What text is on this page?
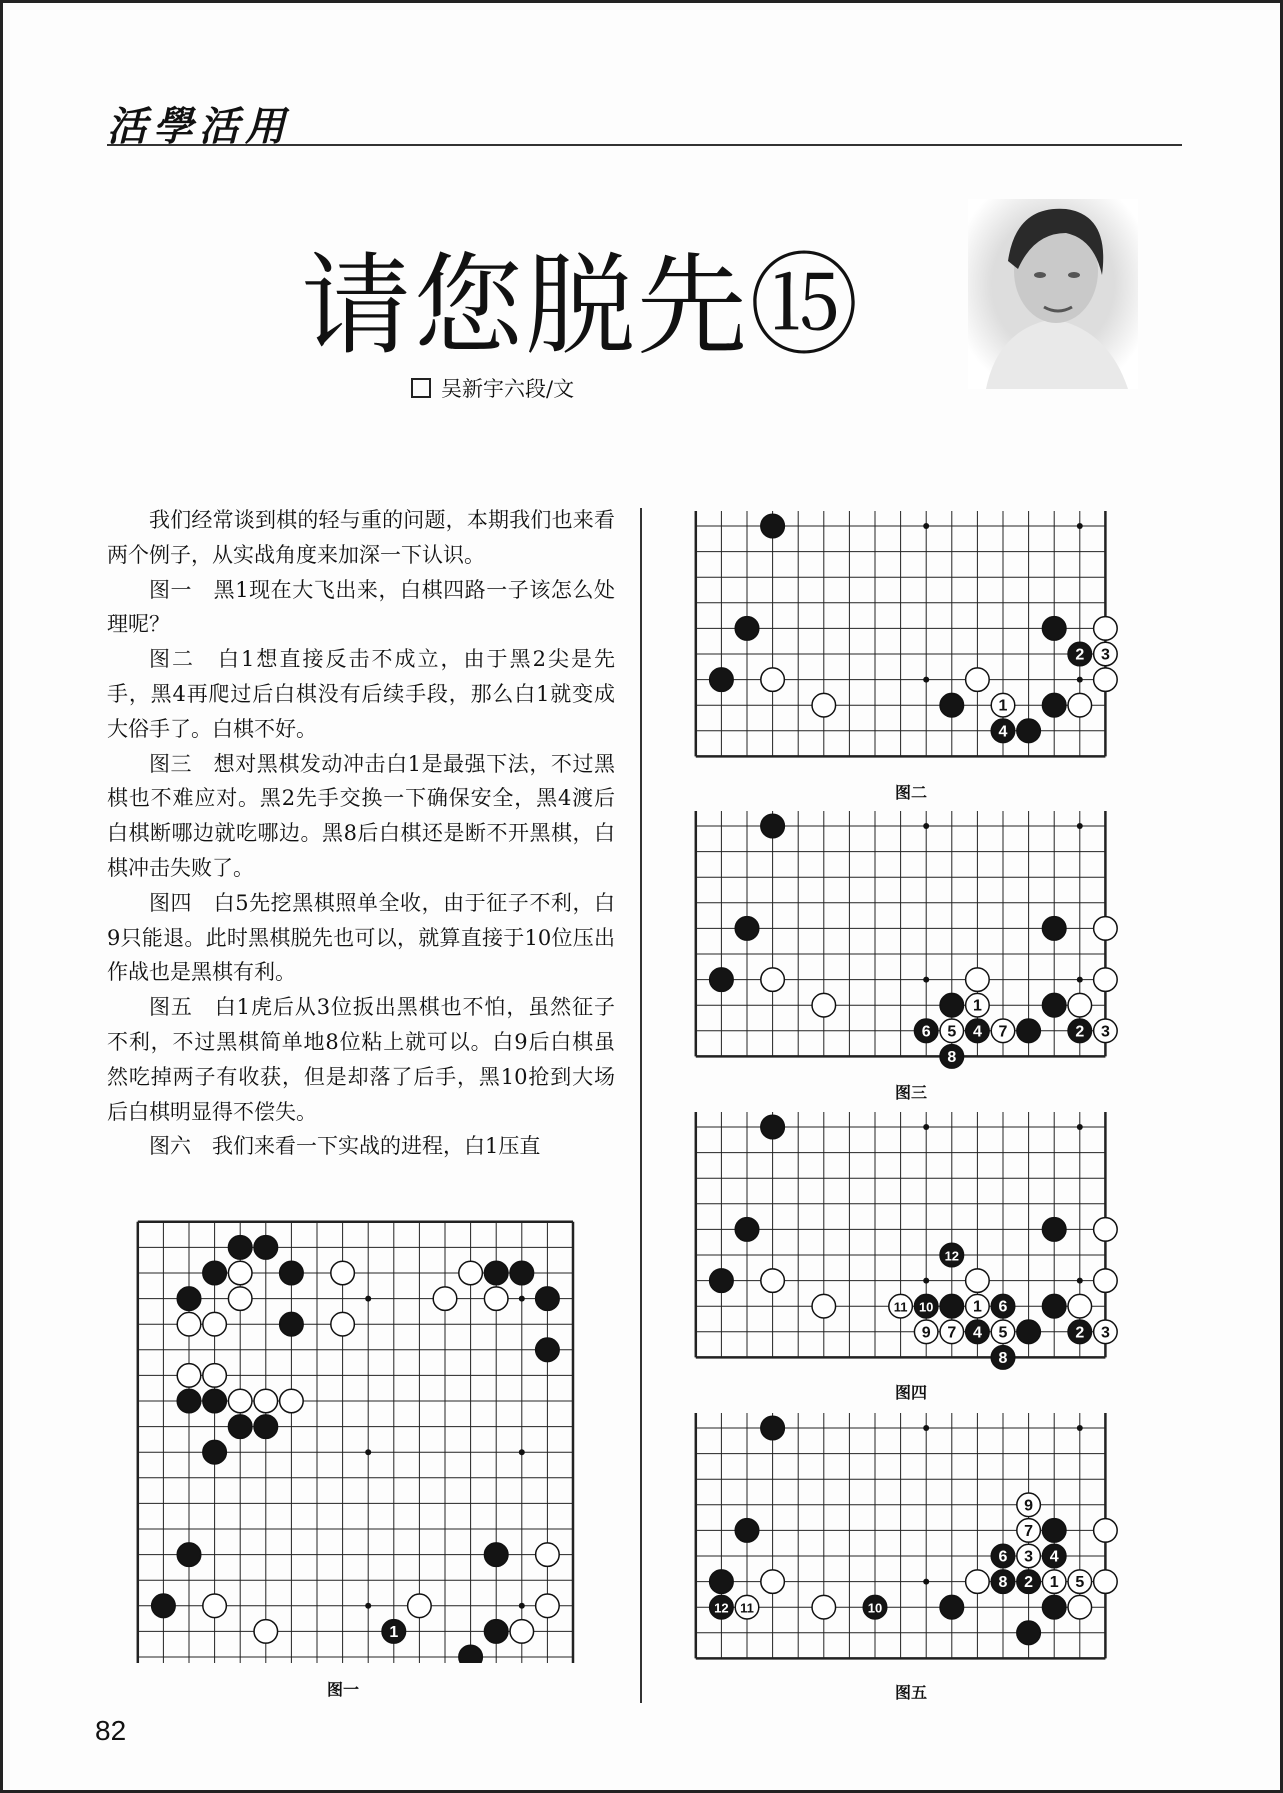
活學活用
请您脱先⑮
吴新宇六段/文

我们经常谈到棋的轻与重的问题，本期我们也来看两个例子，从实战角度来加深一下认识。

图一　黑1现在大飞出来，白棋四路一子该怎么处理呢？

图二　白1想直接反击不成立，由于黑2尖是先手，黑4再爬过后白棋没有后续手段，那么白1就变成大俗手了。白棋不好。

图三　想对黑棋发动冲击白1是最强下法，不过黑棋也不难应对。黑2先手交换一下确保安全，黑4渡后白棋断哪边就吃哪边。黑8后白棋还是断不开黑棋，白棋冲击失败了。

图四　白5先挖黑棋照单全收，由于征子不利，白9只能退。此时黑棋脱先也可以，就算直接于10位压出作战也是黑棋有利。

图五　白1虎后从3位扳出黑棋也不怕，虽然征子不利，不过黑棋简单地8位粘上就可以。白9后白棋虽然吃掉两子有收获，但是却落了后手，黑10抢到大场后白棋明显得不偿失。

图六　我们来看一下实战的进程，白1压直

1
图一
2 3
1
4
图二
1
6 5 4 7	2 3
8
图三
12
11 10 1 6
9 7 4 5	2 3
8
图四
9
7
6 3 4
8 2 1 5
12 11	10
图五
82
